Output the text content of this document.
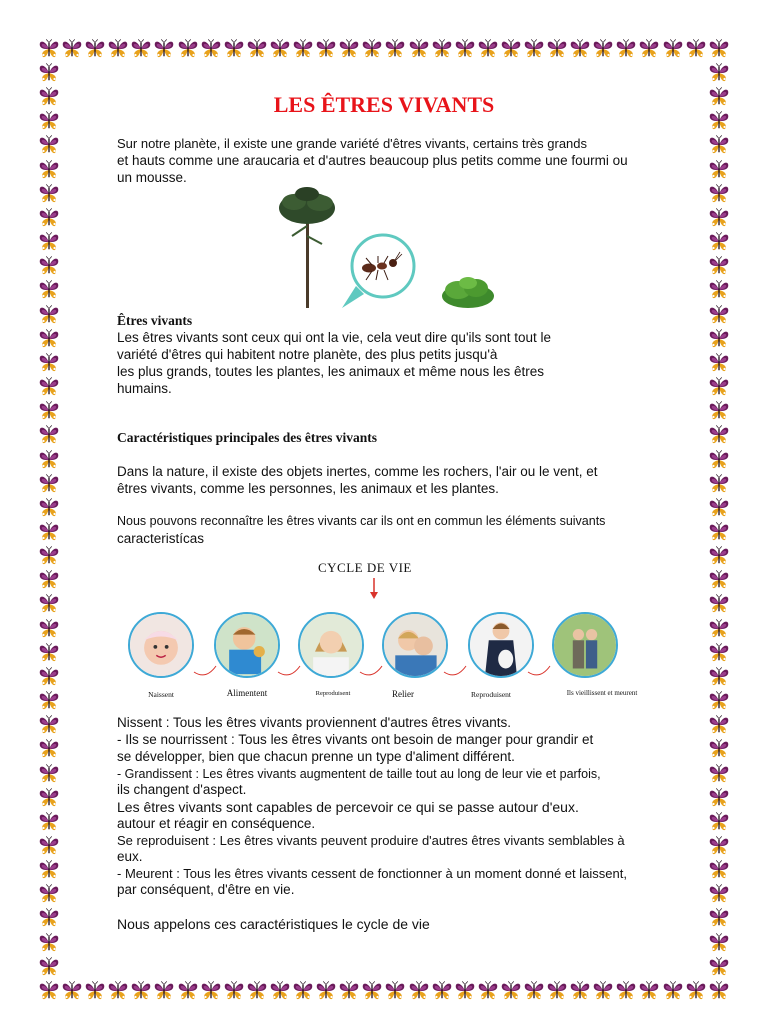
LES ÊTRES VIVANTS
Sur notre planète, il existe une grande variété d'êtres vivants, certains très grands
et hauts comme une araucaria et d'autres beaucoup plus petits comme une fourmi ou
un mousse.
Êtres vivants
Les êtres vivants sont ceux qui ont la vie, cela veut dire qu'ils sont tout le
variété d'êtres qui habitent notre planète, des plus petits jusqu'à
les plus grands, toutes les plantes, les animaux et même nous les êtres
humains.
Caractéristiques principales des êtres vivants
Dans la nature, il existe des objets inertes, comme les rochers, l'air ou le vent, et
êtres vivants, comme les personnes, les animaux et les plantes.
Nous pouvons reconnaître les êtres vivants car ils ont en commun les éléments suivants
caracteristícas
CYCLE DE VIE
Naissent	Alimentent	Reproduisent	Relier	Reproduisent	Ils vieillissent et meurent
Nissent : Tous les êtres vivants proviennent d'autres êtres vivants.
- Ils se nourrissent : Tous les êtres vivants ont besoin de manger pour grandir et
se développer, bien que chacun prenne un type d'aliment différent.
- Grandissent : Les êtres vivants augmentent de taille tout au long de leur vie et parfois,
ils changent d'aspect.
Les êtres vivants sont capables de percevoir ce qui se passe autour d'eux.
autour et réagir en conséquence.
Se reproduisent : Les êtres vivants peuvent produire d'autres êtres vivants semblables à
eux.
- Meurent : Tous les êtres vivants cessent de fonctionner à un moment donné et laissent,
par conséquent, d'être en vie.
Nous appelons ces caractéristiques le cycle de vie
